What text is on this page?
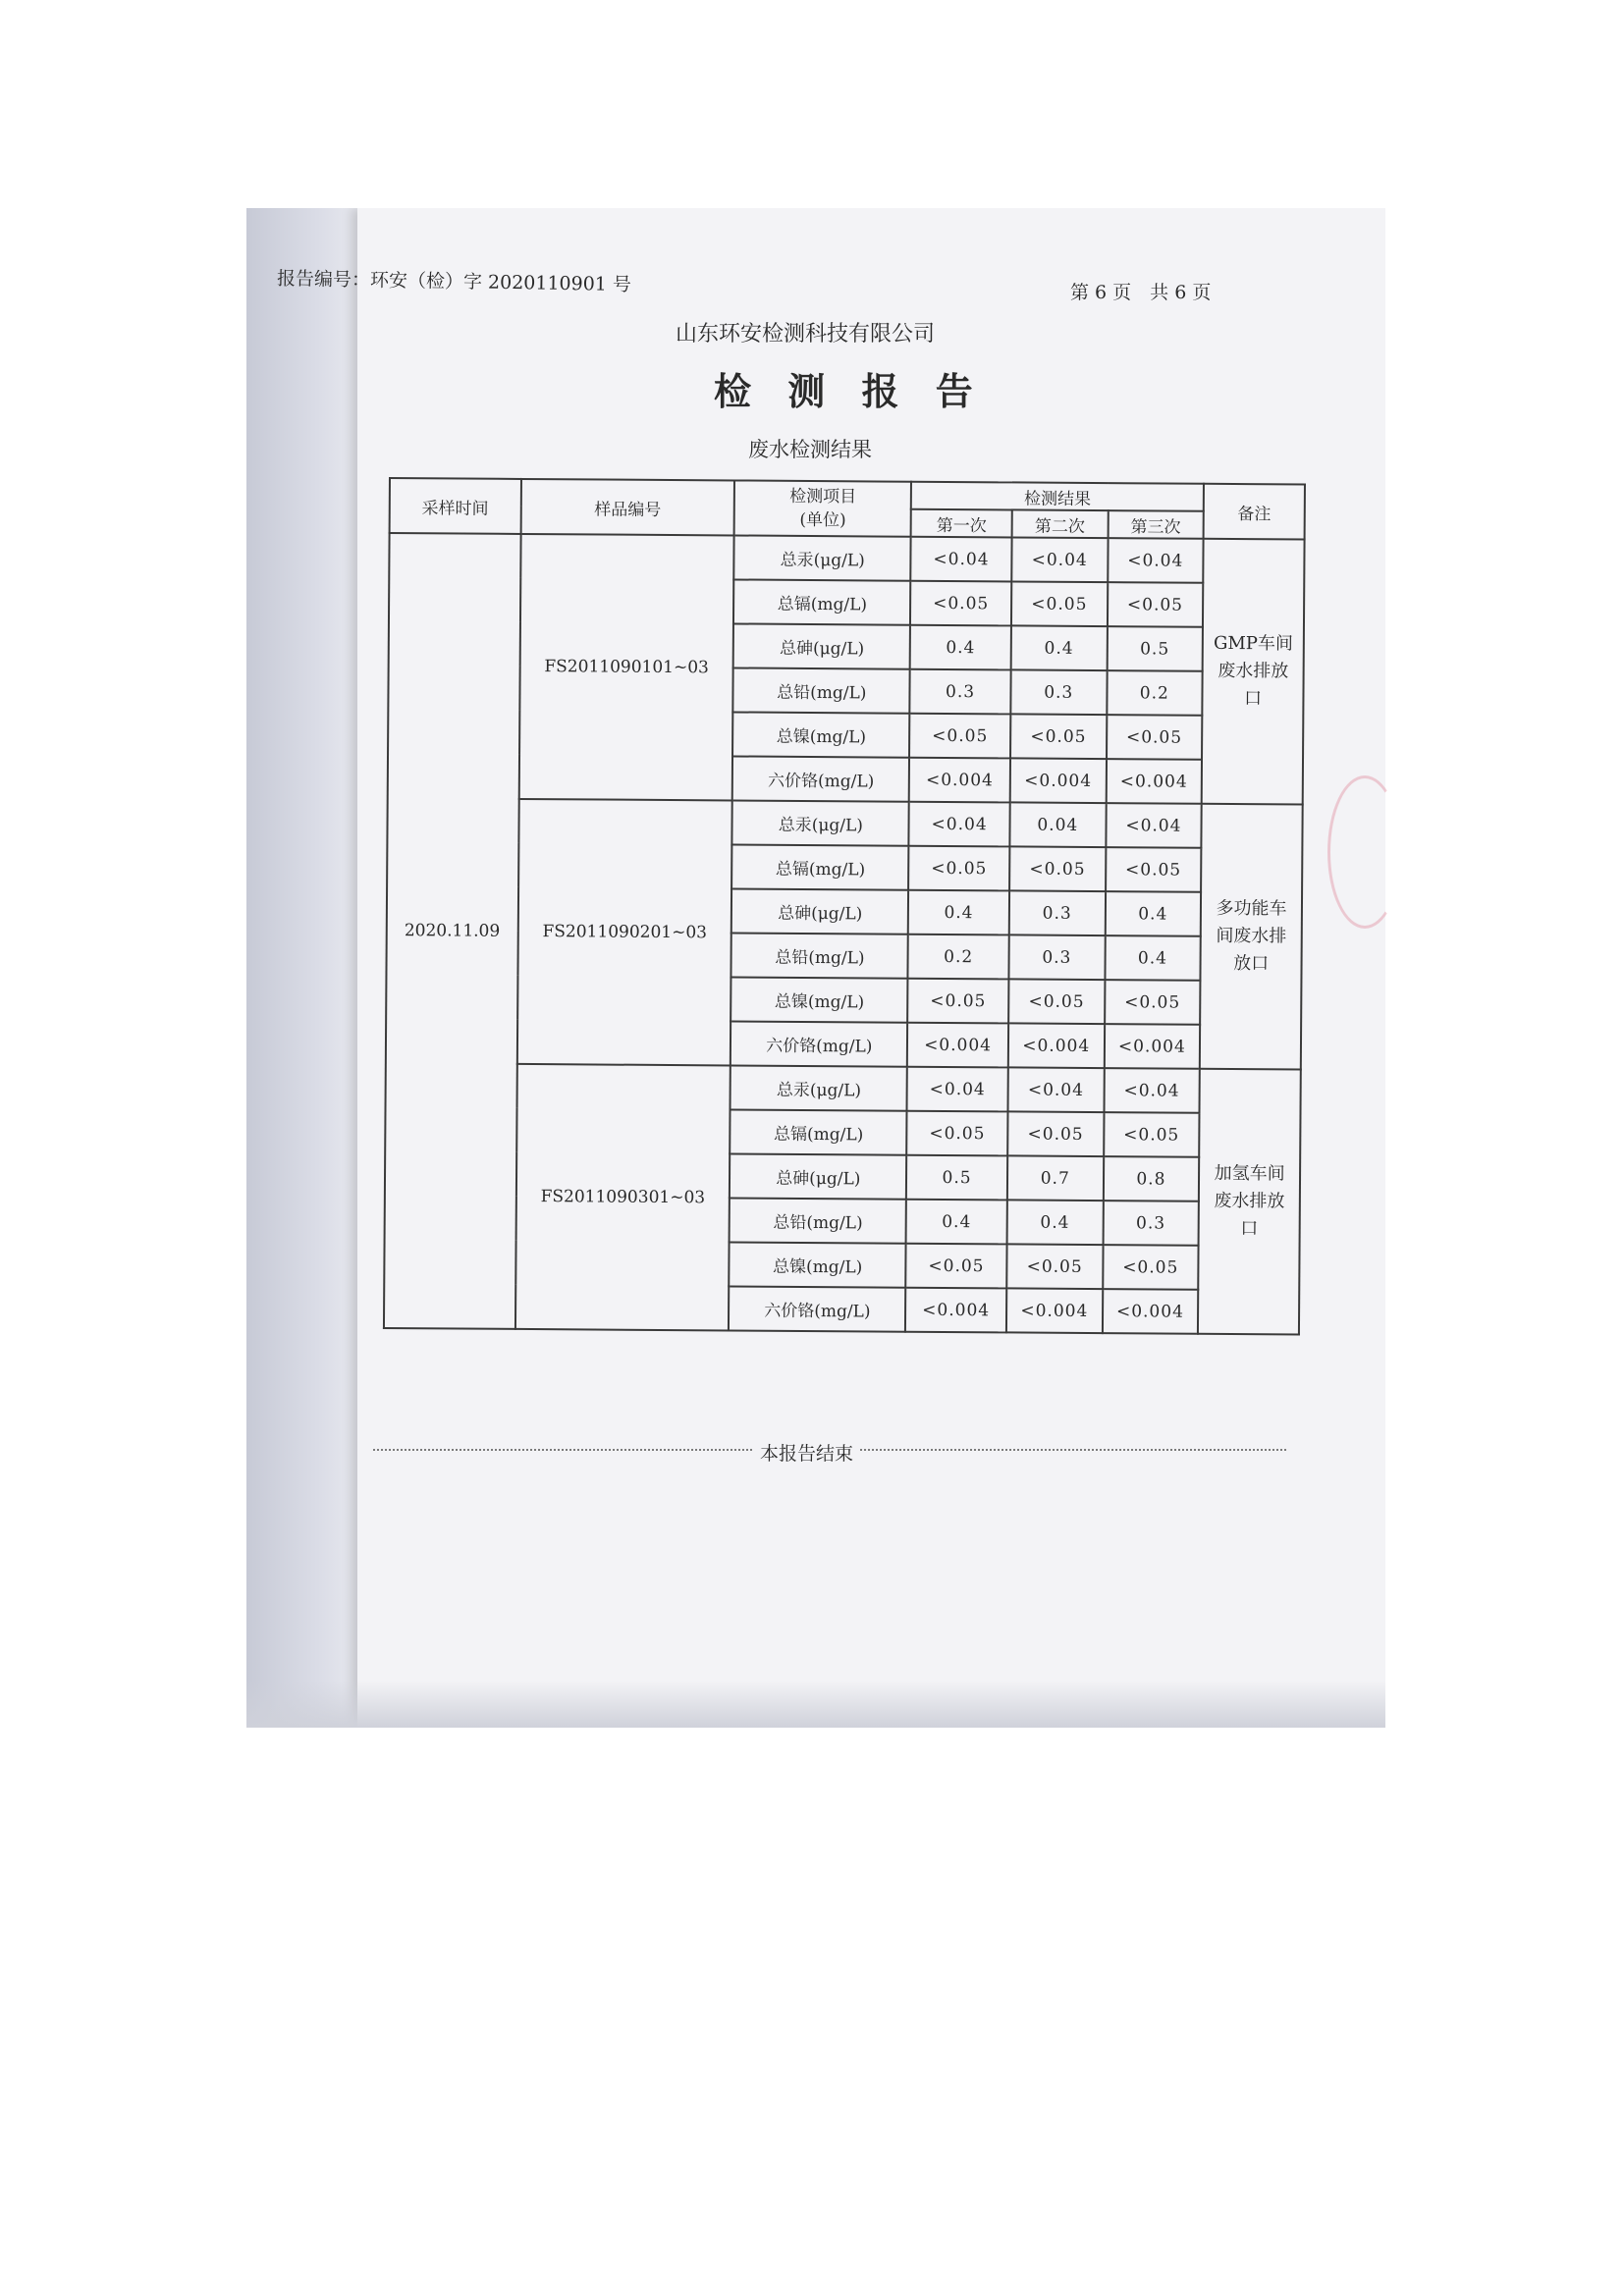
报告编号：环安（检）字 2020110901 号	第 6 页　共 6 页
山东环安检测科技有限公司
检 测 报 告
废水检测结果
采样时间	样品编号	检测项目
(单位)	检测结果			备注
			第一次	第二次	第三次	
2020.11.09	FS2011090101~03	总汞(μg/L)	<0.04	<0.04	<0.04	GMP车间废水排放口
		总镉(mg/L)	<0.05	<0.05	<0.05	
		总砷(μg/L)	0.4	0.4	0.5	
		总铅(mg/L)	0.3	0.3	0.2	
		总镍(mg/L)	<0.05	<0.05	<0.05	
		六价铬(mg/L)	<0.004	<0.004	<0.004	
	FS2011090201~03	总汞(μg/L)	<0.04	0.04	<0.04	多功能车间废水排放口
		总镉(mg/L)	<0.05	<0.05	<0.05	
		总砷(μg/L)	0.4	0.3	0.4	
		总铅(mg/L)	0.2	0.3	0.4	
		总镍(mg/L)	<0.05	<0.05	<0.05	
		六价铬(mg/L)	<0.004	<0.004	<0.004	
	FS2011090301~03	总汞(μg/L)	<0.04	<0.04	<0.04	加氢车间废水排放口
		总镉(mg/L)	<0.05	<0.05	<0.05	
		总砷(μg/L)	0.5	0.7	0.8	
		总铅(mg/L)	0.4	0.4	0.3	
		总镍(mg/L)	<0.05	<0.05	<0.05	
		六价铬(mg/L)	<0.004	<0.004	<0.004	
本报告结束
